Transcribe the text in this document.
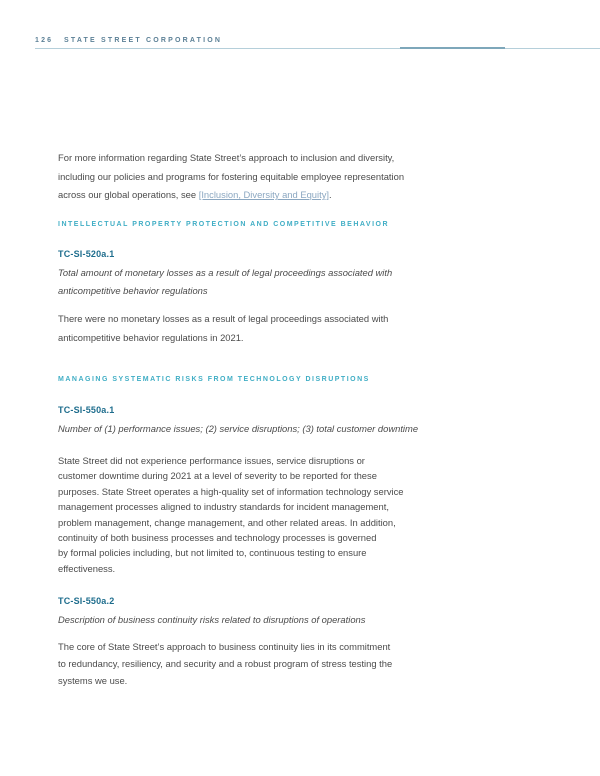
126 STATE STREET CORPORATION
For more information regarding State Street’s approach to inclusion and diversity,
including our policies and programs for fostering equitable employee representation
across our global operations, see [Inclusion, Diversity and Equity].
INTELLECTUAL PROPERTY PROTECTION AND COMPETITIVE BEHAVIOR
TC-SI-520a.1
Total amount of monetary losses as a result of legal proceedings associated with
anticompetitive behavior regulations
There were no monetary losses as a result of legal proceedings associated with
anticompetitive behavior regulations in 2021.
MANAGING SYSTEMATIC RISKS FROM TECHNOLOGY DISRUPTIONS
TC-SI-550a.1
Number of (1) performance issues; (2) service disruptions; (3) total customer downtime
State Street did not experience performance issues, service disruptions or
customer downtime during 2021 at a level of severity to be reported for these
purposes. State Street operates a high-quality set of information technology service
management processes aligned to industry standards for incident management,
problem management, change management, and other related areas. In addition,
continuity of both business processes and technology processes is governed
by formal policies including, but not limited to, continuous testing to ensure
effectiveness.
TC-SI-550a.2
Description of business continuity risks related to disruptions of operations
The core of State Street’s approach to business continuity lies in its commitment
to redundancy, resiliency, and security and a robust program of stress testing the
systems we use.
